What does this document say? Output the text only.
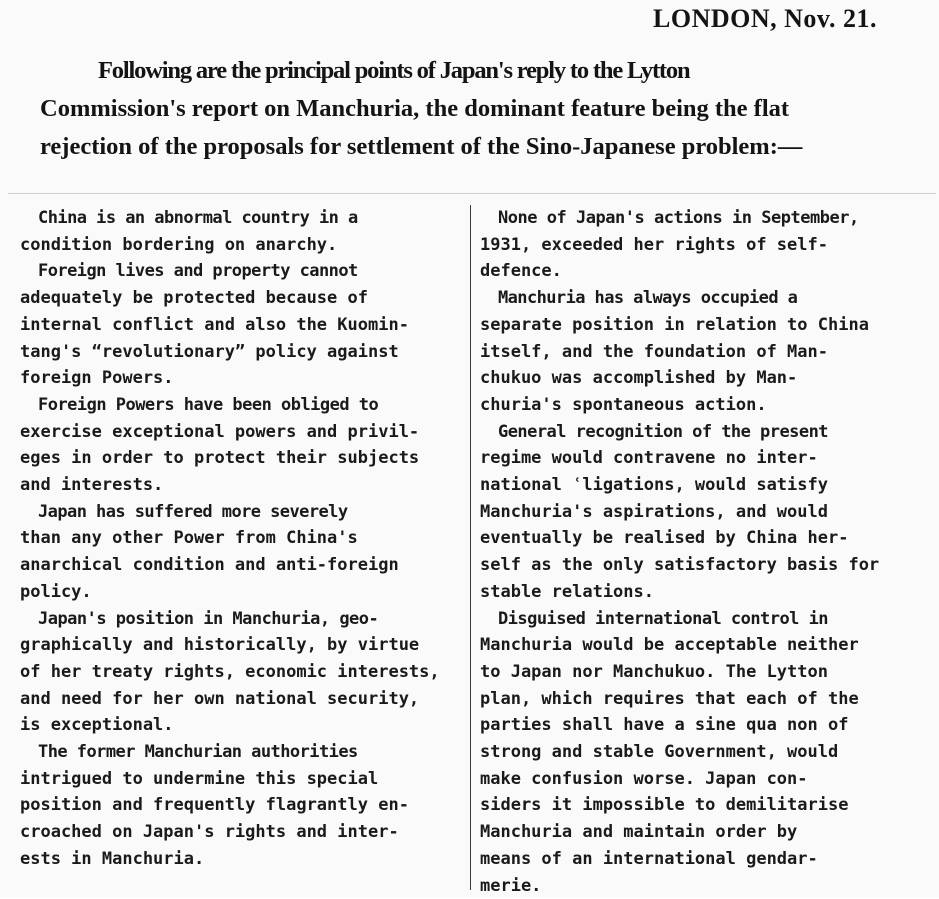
LONDON, Nov. 21.
Following are the principal points of Japan's reply to the Lytton
Commission's report on Manchuria, the dominant feature being the flat
rejection of the proposals for settlement of the Sino-Japanese problem:—
China is an abnormal country in a
condition bordering on anarchy.
Foreign lives and property cannot
adequately be protected because of
internal conflict and also the Kuomin-
tang's “revolutionary” policy against
foreign Powers.
Foreign Powers have been obliged to
exercise exceptional powers and privil-
eges in order to protect their subjects
and interests.
Japan has suffered more severely
than any other Power from China's
anarchical condition and anti-foreign
policy.
Japan's position in Manchuria, geo-
graphically and historically, by virtue
of her treaty rights, economic interests,
and need for her own national security,
is exceptional.
The former Manchurian authorities
intrigued to undermine this special
position and frequently flagrantly en-
croached on Japan's rights and inter-
ests in Manchuria.
None of Japan's actions in September,
1931, exceeded her rights of self-
defence.
Manchuria has always occupied a
separate position in relation to China
itself, and the foundation of Man-
chukuo was accomplished by Man-
churia's spontaneous action.
General recognition of the present
regime would contravene no inter-
national ʿligations, would satisfy
Manchuria's aspirations, and would
eventually be realised by China her-
self as the only satisfactory basis for
stable relations.
Disguised international control in
Manchuria would be acceptable neither
to Japan nor Manchukuo. The Lytton
plan, which requires that each of the
parties shall have a sine qua non of
strong and stable Government, would
make confusion worse. Japan con-
siders it impossible to demilitarise
Manchuria and maintain order by
means of an international gendar-
merie.
